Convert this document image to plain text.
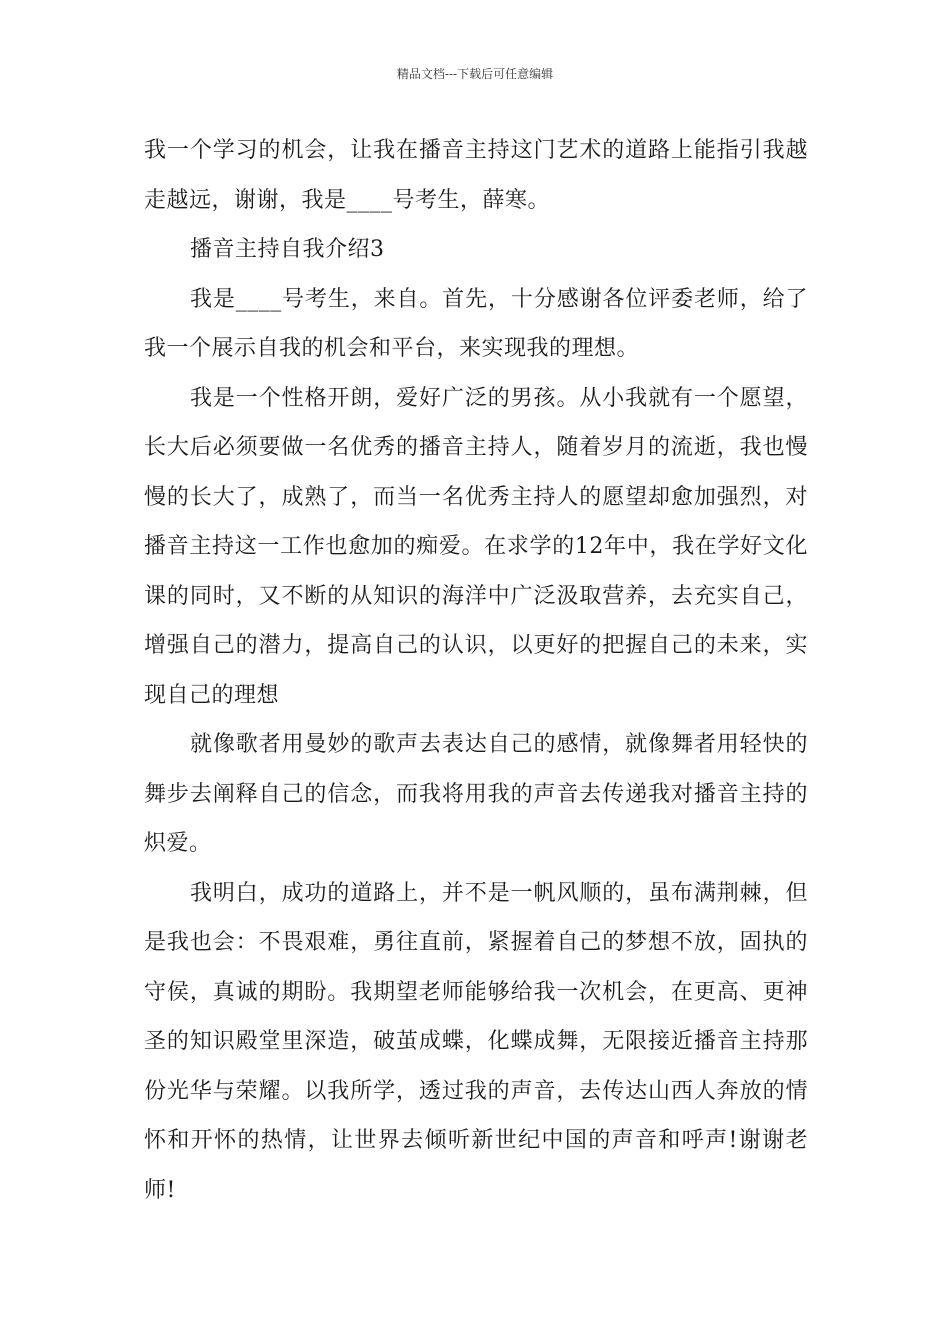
精品文档---下载后可任意编辑

我一个学习的机会，让我在播音主持这门艺术的道路上能指引我越走越远，谢谢，我是____号考生，薛寒。

播音主持自我介绍3

我是____号考生，来自。首先，十分感谢各位评委老师，给了我一个展示自我的机会和平台，来实现我的理想。

我是一个性格开朗，爱好广泛的男孩。从小我就有一个愿望，长大后必须要做一名优秀的播音主持人，随着岁月的流逝，我也慢慢的长大了，成熟了，而当一名优秀主持人的愿望却愈加强烈，对播音主持这一工作也愈加的痴爱。在求学的12年中，我在学好文化课的同时，又不断的从知识的海洋中广泛汲取营养，去充实自己，增强自己的潜力，提高自己的认识，以更好的把握自己的未来，实现自己的理想

就像歌者用曼妙的歌声去表达自己的感情，就像舞者用轻快的舞步去阐释自己的信念，而我将用我的声音去传递我对播音主持的炽爱。

我明白，成功的道路上，并不是一帆风顺的，虽布满荆棘，但是我也会：不畏艰难，勇往直前，紧握着自己的梦想不放，固执的守侯，真诚的期盼。我期望老师能够给我一次机会，在更高、更神圣的知识殿堂里深造，破茧成蝶，化蝶成舞，无限接近播音主持那份光华与荣耀。以我所学，透过我的声音，去传达山西人奔放的情怀和开怀的热情，让世界去倾听新世纪中国的声音和呼声!谢谢老师!
